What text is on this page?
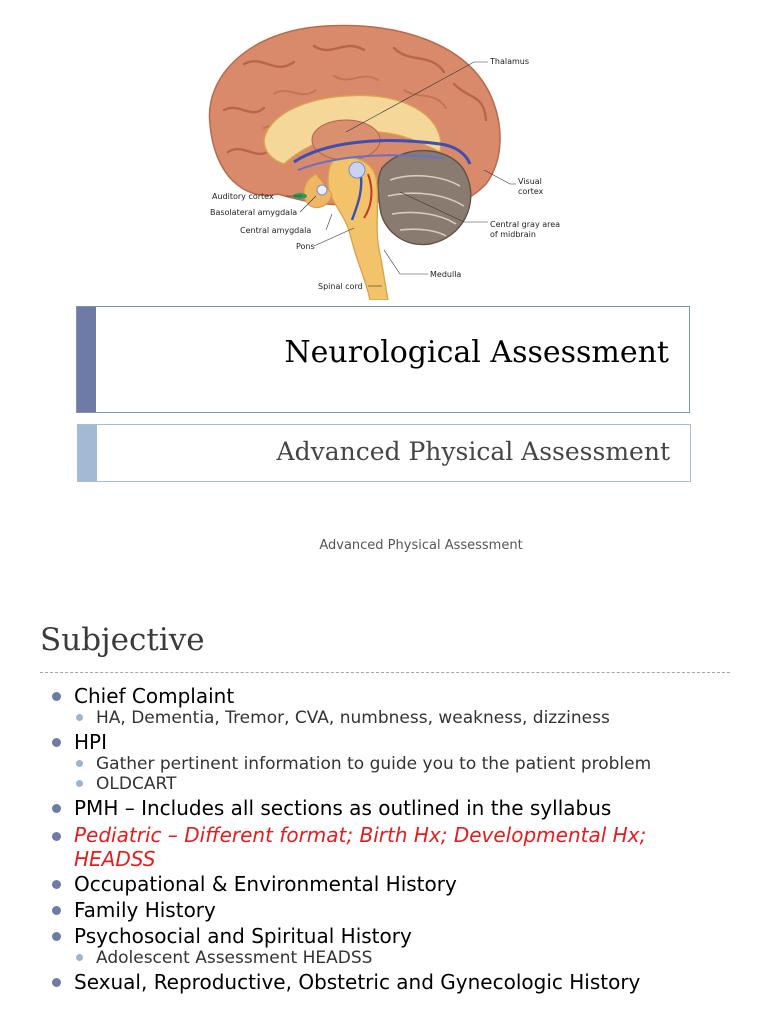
Thalamus
Visual
cortex
Auditory cortex
Basolateral amygdala
Central amygdala
Pons
Spinal cord
Medulla
Central gray area
of midbrain
Neurological Assessment
Advanced Physical Assessment
Advanced Physical Assessment
Subjective
Chief Complaint
HA, Dementia, Tremor, CVA, numbness, weakness, dizziness
HPI
Gather pertinent information to guide you to the patient problem
OLDCART
PMH – Includes all sections as outlined in the syllabus
Pediatric – Different format; Birth Hx; Developmental Hx; HEADSS
Occupational & Environmental History
Family History
Psychosocial and Spiritual History
Adolescent Assessment HEADSS
Sexual, Reproductive, Obstetric and Gynecologic History
